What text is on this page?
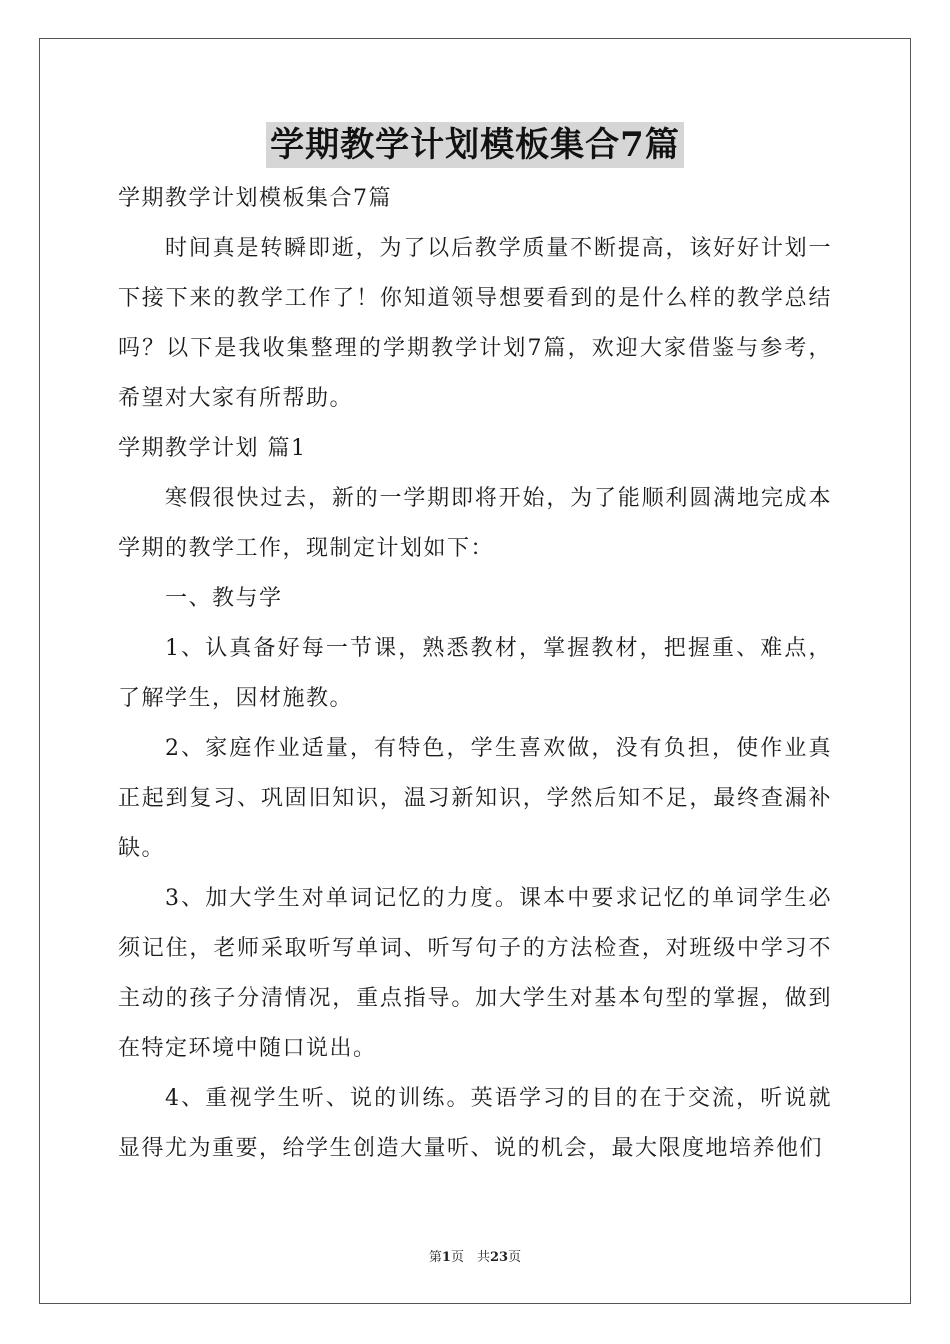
学期教学计划模板集合7篇

学期教学计划模板集合7篇

时间真是转瞬即逝，为了以后教学质量不断提高，该好好计划一下接下来的教学工作了！你知道领导想要看到的是什么样的教学总结吗？以下是我收集整理的学期教学计划7篇，欢迎大家借鉴与参考，希望对大家有所帮助。

学期教学计划 篇1

寒假很快过去，新的一学期即将开始，为了能顺利圆满地完成本学期的教学工作，现制定计划如下：

一、教与学

1、认真备好每一节课，熟悉教材，掌握教材，把握重、难点，了解学生，因材施教。

2、家庭作业适量，有特色，学生喜欢做，没有负担，使作业真正起到复习、巩固旧知识，温习新知识，学然后知不足，最终查漏补缺。

3、加大学生对单词记忆的力度。课本中要求记忆的单词学生必须记住，老师采取听写单词、听写句子的方法检查，对班级中学习不主动的孩子分清情况，重点指导。加大学生对基本句型的掌握，做到在特定环境中随口说出。

4、重视学生听、说的训练。英语学习的目的在于交流，听说就显得尤为重要，给学生创造大量听、说的机会，最大限度地培养他们

第1页　共23页
